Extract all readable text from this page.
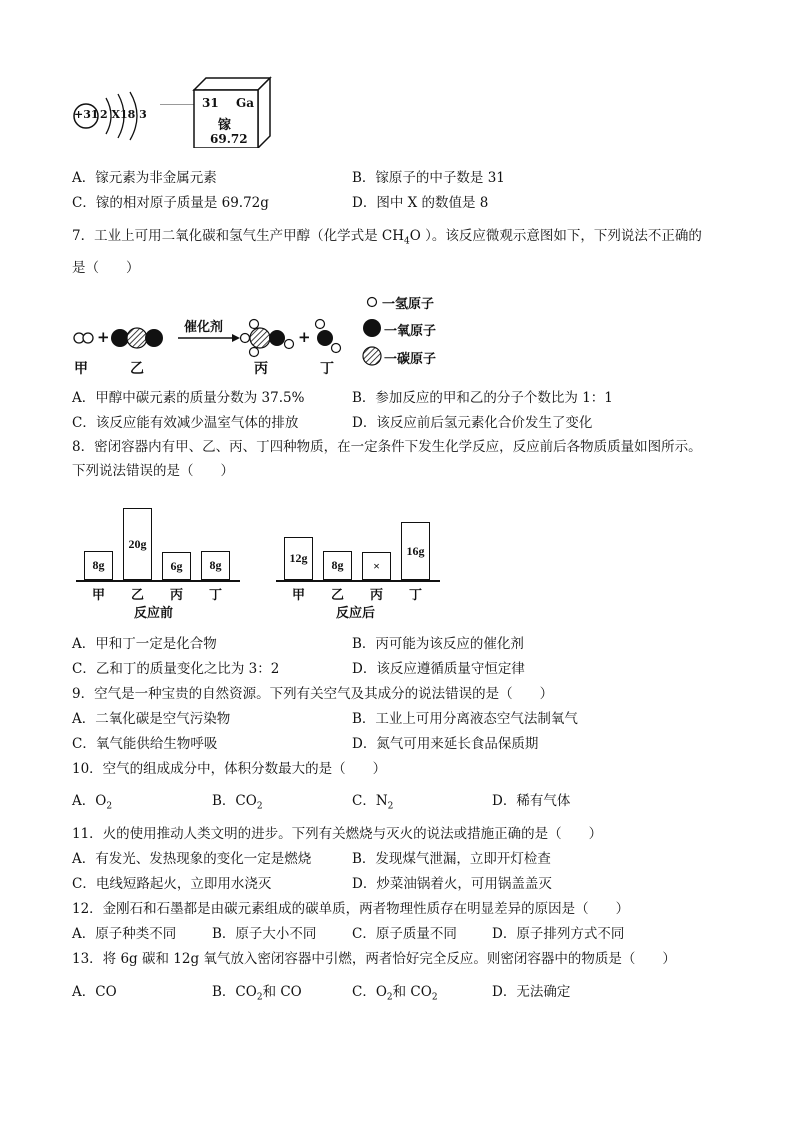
+31 2 X18 3
31 Ga
镓
69.72
A．镓元素为非金属元素	B．镓原子的中子数是 31
C．镓的相对原子质量是 69.72g	D．图中 X 的数值是 8
7．工业上可用二氧化碳和氢气生产甲醇（化学式是 $CH_4O$ ）。该反应微观示意图如下，下列说法不正确的
是（　　）
+	+
催化剂
甲	乙	丙	丁
一氢原子
一氧原子
一碳原子
A．甲醇中碳元素的质量分数为 37.5%	B．参加反应的甲和乙的分子个数比为 1：1
C．该反应能有效减少温室气体的排放	D．该反应前后氢元素化合价发生了变化
8．密闭容器内有甲、乙、丙、丁四种物质，在一定条件下发生化学反应，反应前后各物质质量如图所示。
下列说法错误的是（　　）
8g
甲
20g
乙
6g
丙
8g
丁
反应前
12g
甲
8g
乙
×
丙
16g
丁
反应后
A．甲和丁一定是化合物	B．丙可能为该反应的催化剂
C．乙和丁的质量变化之比为 3：2	D．该反应遵循质量守恒定律
9．空气是一种宝贵的自然资源。下列有关空气及其成分的说法错误的是（　　）
A．二氧化碳是空气污染物	B．工业上可用分离液态空气法制氧气
C．氧气能供给生物呼吸	D．氮气可用来延长食品保质期
10．空气的组成成分中，体积分数最大的是（　　）
A．$O_2$	B．$CO_2$	C．$N_2$	D．稀有气体
11．火的使用推动人类文明的进步。下列有关燃烧与灭火的说法或措施正确的是（　　）
A．有发光、发热现象的变化一定是燃烧	B．发现煤气泄漏，立即开灯检查
C．电线短路起火，立即用水浇灭	D．炒菜油锅着火，可用锅盖盖灭
12．金刚石和石墨都是由碳元素组成的碳单质，两者物理性质存在明显差异的原因是（　　）
A．原子种类不同	B．原子大小不同	C．原子质量不同	D．原子排列方式不同
13．将 6g 碳和 12g 氧气放入密闭容器中引燃，两者恰好完全反应。则密闭容器中的物质是（　　）
A．CO	B．$CO_2$和 CO	C．$O_2$和 $CO_2$	D．无法确定
